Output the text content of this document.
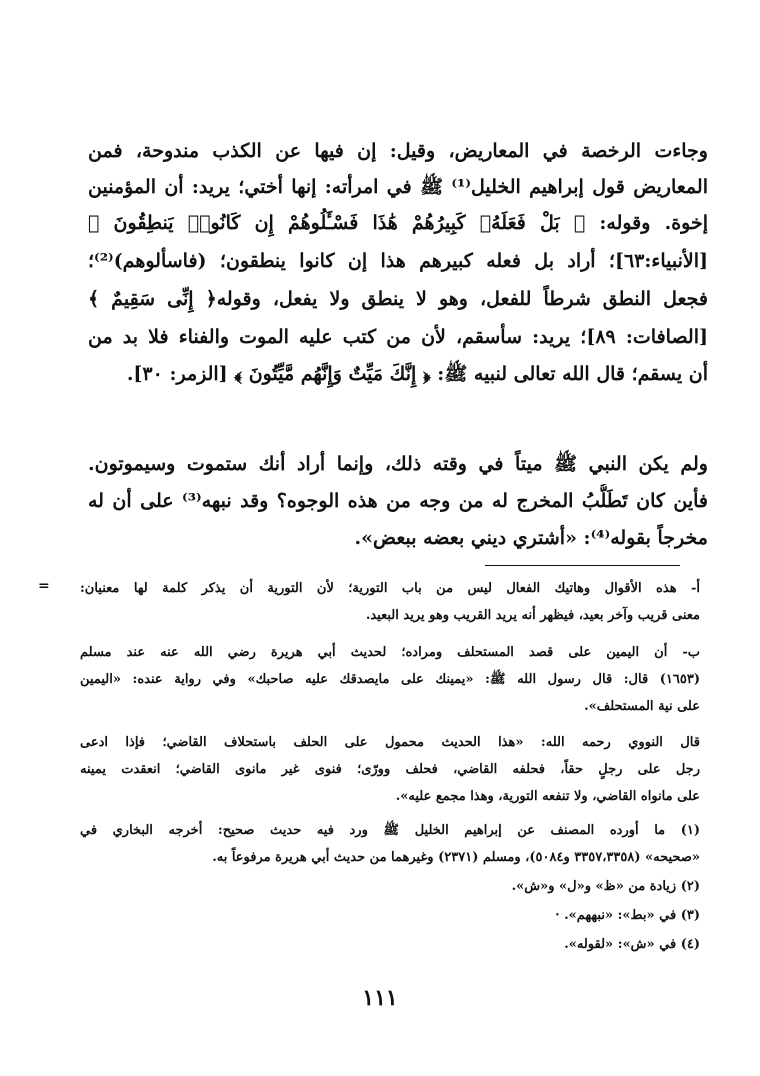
وجاءت الرخصة في المعاريض، وقيل: إن فيها عن الكذب مندوحة، فمن
المعاريض قول إبراهيم الخليل⁽¹⁾ ﷺ في امرأته: إنها أختي؛ يريد: أن المؤمنين
إخوة. وقوله: ﴿ بَلْ فَعَلَهُۥ كَبِيرُهُمْ هَٰذَا فَسْـَٔلُوهُمْ إِن كَانُوا۟ يَنطِقُونَ ﴾
[الأنبياء:٦٣]؛ أراد بل فعله كبيرهم هذا إن كانوا ينطقون؛ (فاسألوهم)⁽²⁾؛
فجعل النطق شرطاً للفعل، وهو لا ينطق ولا يفعل، وقوله﴿ إِنِّى سَقِيمٌ ﴾
[الصافات: ٨٩]؛ يريد: سأسقم، لأن من كتب عليه الموت والفناء فلا بد من
أن يسقم؛ قال الله تعالى لنبيه ﷺ: ﴿ إِنَّكَ مَيِّتٌ وَإِنَّهُم مَّيِّتُونَ ﴾ [الزمر: ٣٠].
ولم يكن النبي ﷺ ميتاً في وقته ذلك، وإنما أراد أنك ستموت وسيموتون.
فأين كان تَطَلُّبُ المخرج له من وجه من هذه الوجوه؟ وقد نبهه⁽³⁾ على أن له
مخرجاً بقوله⁽⁴⁾: «أشتري ديني بعضه ببعض».
= أ- هذه الأقوال وهاتيك الفعال ليس من باب التورية؛ لأن التورية أن يذكر كلمة لها معنيان:
معنى قريب وآخر بعيد، فيظهر أنه يريد القريب وهو يريد البعيد.
ب- أن اليمين على قصد المستحلف ومراده؛ لحديث أبي هريرة رضي الله عنه عند مسلم
(١٦٥٣) قال: قال رسول الله ﷺ: «يمينك على مايصدقك عليه صاحبك» وفي رواية عنده: «اليمين
على نية المستحلف».
قال النووي رحمه الله: «هذا الحديث محمول على الحلف باستحلاف القاضي؛ فإذا ادعى
رجل على رجلٍ حقاً، فحلفه القاضي، فحلف وورّى؛ فنوى غير مانوى القاضي؛ انعقدت يمينه
على مانواه القاضي، ولا تنفعه التورية، وهذا مجمع عليه».
(١) ما أورده المصنف عن إبراهيم الخليل ﷺ ورد فيه حديث صحيح: أخرجه البخاري في
«صحيحه» (٣٣٥٧،٣٣٥٨ و٥٠٨٤)، ومسلم (٢٣٧١) وغيرهما من حديث أبي هريرة مرفوعاً به.
(٢) زيادة من «ظ» و«ل» و«ش».
(٣) في «بط»: «نبههم». ·
(٤) في «ش»: «لقوله».
١١١
